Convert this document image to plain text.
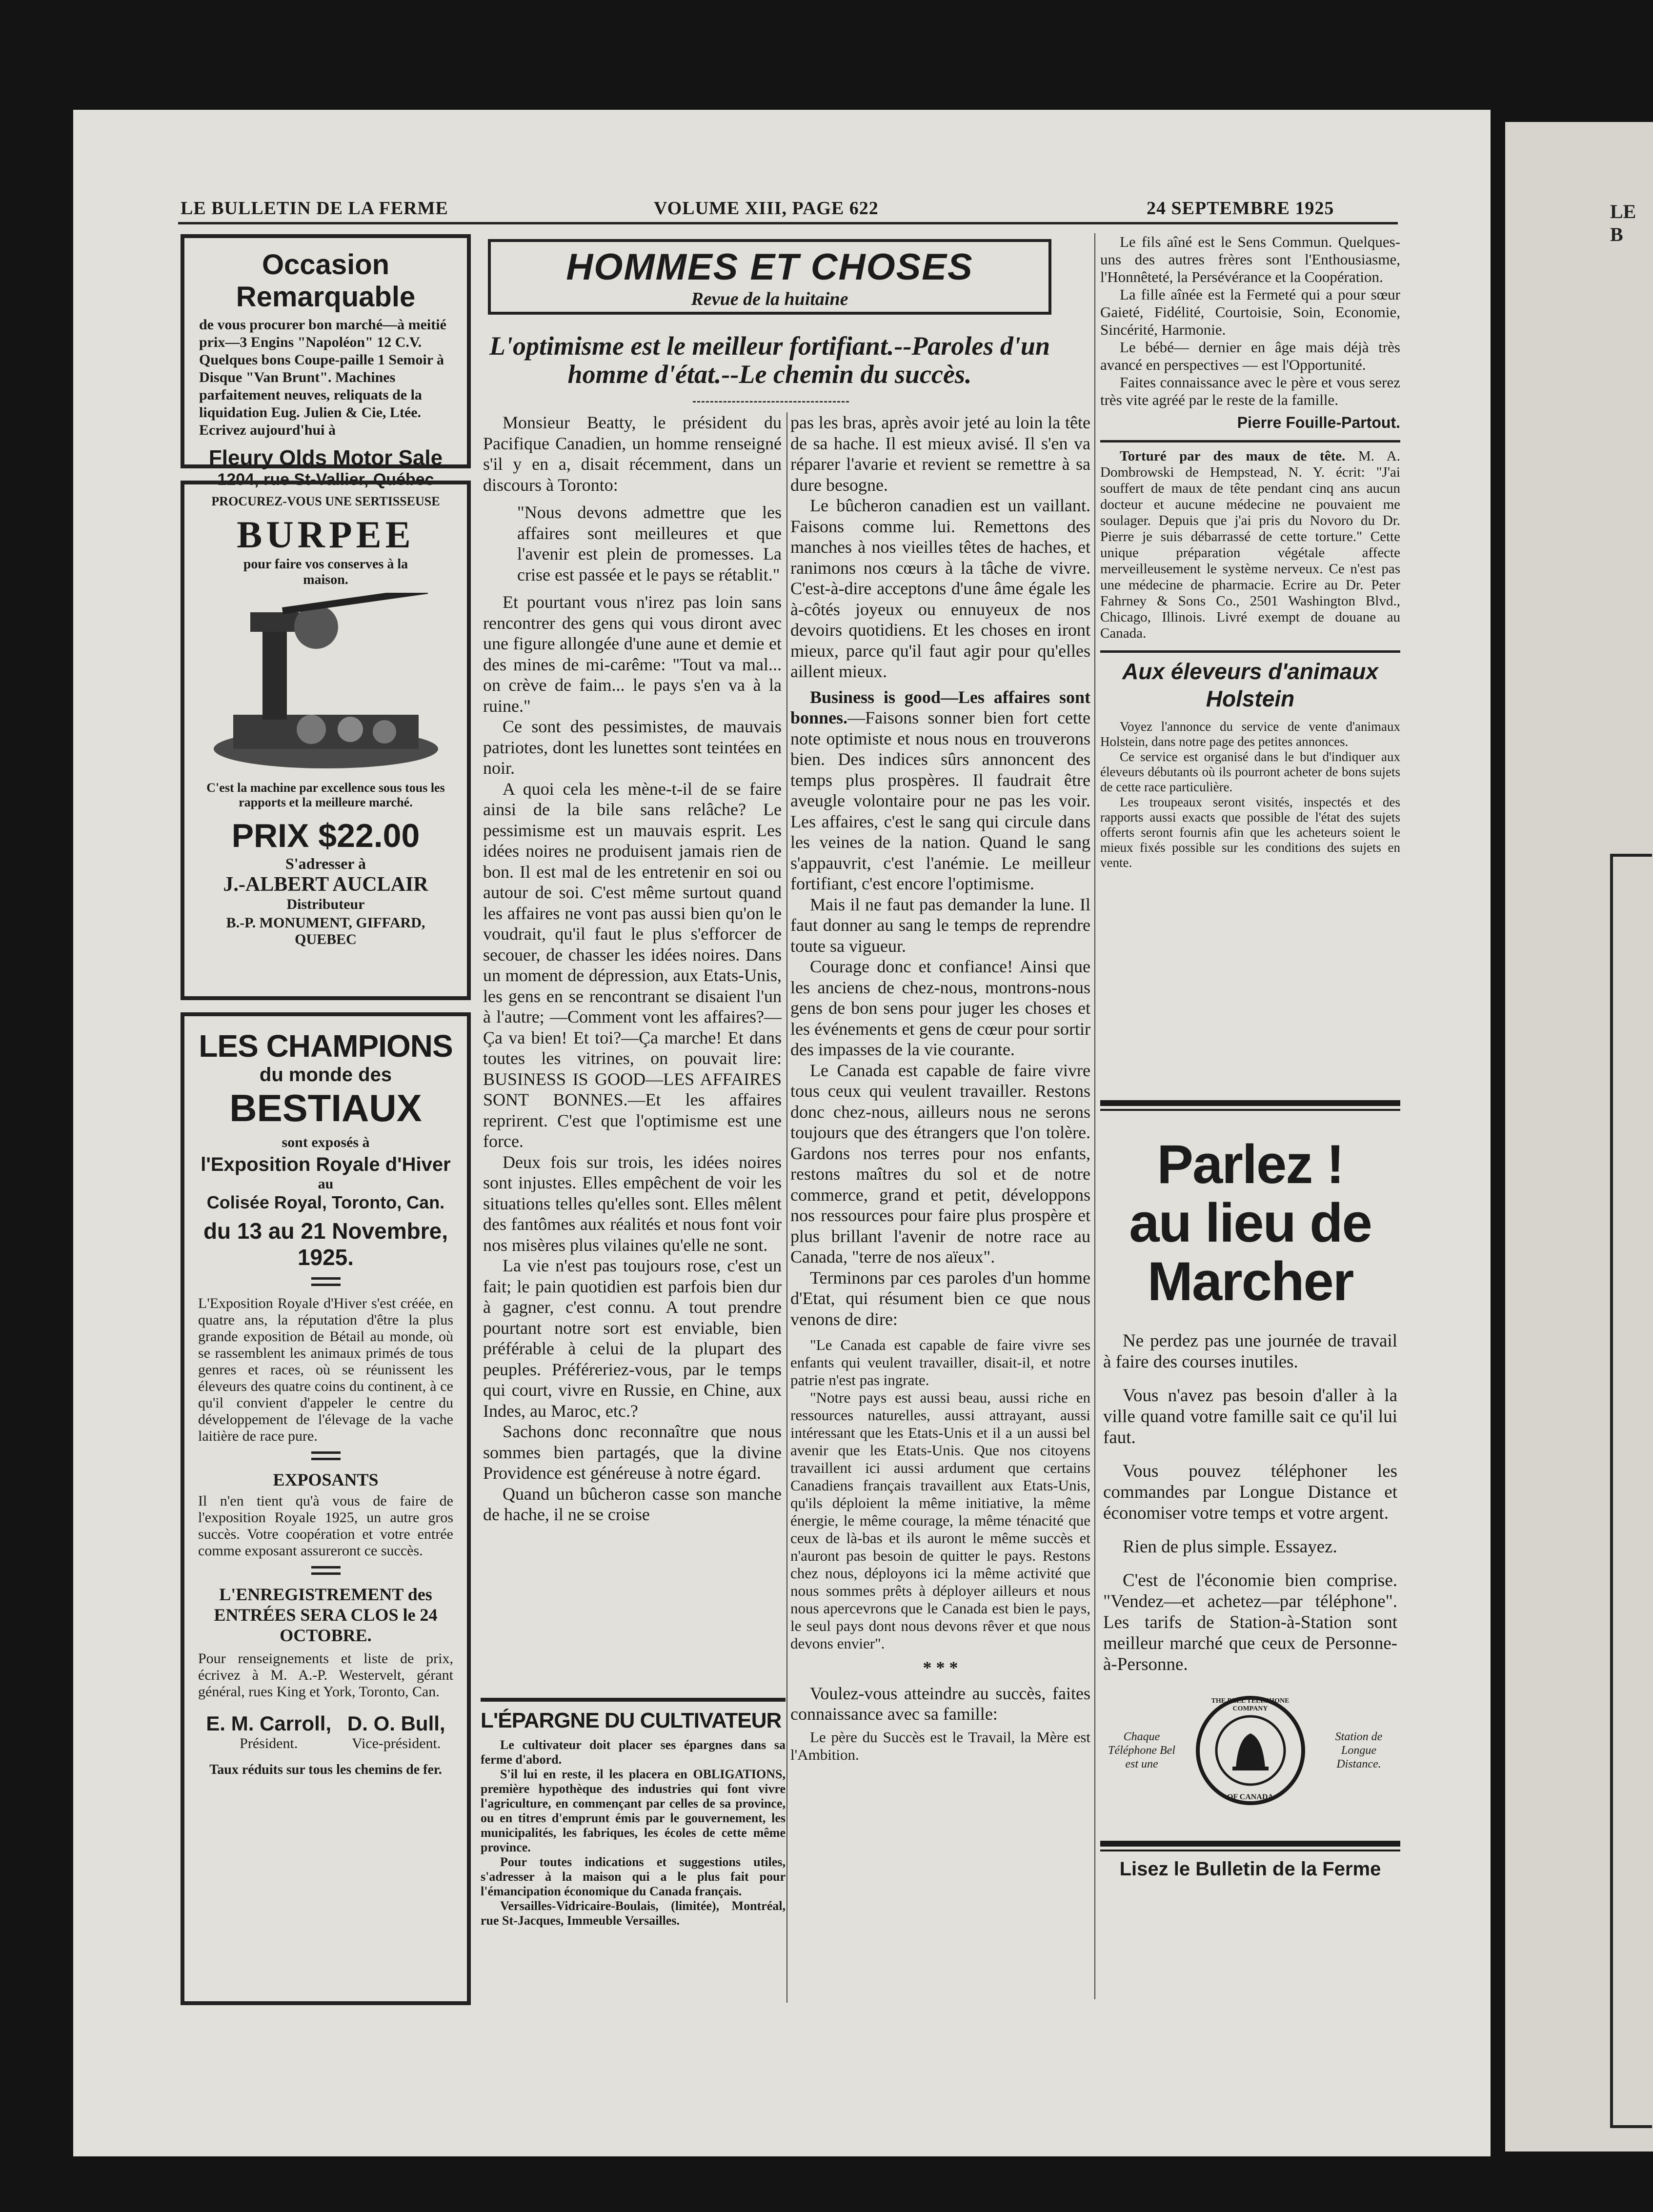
LE B
LE BULLETIN DE LA FERME	VOLUME XIII, PAGE 622	24 SEPTEMBRE 1925
Occasion Remarquable
de vous procurer bon marché—à meitié prix—3 Engins "Napoléon" 12 C.V. Quelques bons Coupe-paille 1 Semoir à Disque "Van Brunt". Machines parfaitement neuves, reliquats de la liquidation Eug. Julien & Cie, Ltée. Ecrivez aujourd'hui à
Fleury Olds Motor Sale
1204, rue St-Vallier, Québec
PROCUREZ-VOUS UNE SERTISSEUSE
BURPEE
pour faire vos conserves à la maison.
C'est la machine par excellence sous tous les rapports et la meilleure marché.
PRIX $22.00
S'adresser à
J.-ALBERT AUCLAIR
Distributeur
B.-P. MONUMENT, GIFFARD, QUEBEC
LES CHAMPIONS
du monde des
BESTIAUX
sont exposés à
l'Exposition Royale d'Hiver
au
Colisée Royal, Toronto, Can.
du 13 au 21 Novembre, 1925.
L'Exposition Royale d'Hiver s'est créée, en quatre ans, la réputation d'être la plus grande exposition de Bétail au monde, où se rassemblent les animaux primés de tous genres et races, où se réunissent les éleveurs des quatre coins du continent, à ce qu'il convient d'appeler le centre du développement de l'élevage de la vache laitière de race pure.
EXPOSANTS
Il n'en tient qu'à vous de faire de l'exposition Royale 1925, un autre gros succès. Votre coopération et votre entrée comme exposant assureront ce succès.
L'ENREGISTREMENT des ENTRÉES SERA CLOS le 24 OCTOBRE.
Pour renseignements et liste de prix, écrivez à M. A.-P. Westervelt, gérant général, rues King et York, Toronto, Can.
E. M. Carroll,
Président.
D. O. Bull,
Vice-président.
Taux réduits sur tous les chemins de fer.
HOMMES ET CHOSES
Revue de la huitaine
L'optimisme est le meilleur fortifiant.--Paroles d'un homme d'état.--Le chemin du succès.

Monsieur Beatty, le président du Pacifique Canadien, un homme renseigné s'il y en a, disait récemment, dans un discours à Toronto:

"Nous devons admettre que les affaires sont meilleures et que l'avenir est plein de promesses. La crise est passée et le pays se rétablit."

Et pourtant vous n'irez pas loin sans rencontrer des gens qui vous diront avec une figure allongée d'une aune et demie et des mines de mi-carême: "Tout va mal... on crève de faim... le pays s'en va à la ruine."

Ce sont des pessimistes, de mauvais patriotes, dont les lunettes sont teintées en noir.

A quoi cela les mène-t-il de se faire ainsi de la bile sans relâche? Le pessimisme est un mauvais esprit. Les idées noires ne produisent jamais rien de bon. Il est mal de les entretenir en soi ou autour de soi. C'est même surtout quand les affaires ne vont pas aussi bien qu'on le voudrait, qu'il faut le plus s'efforcer de secouer, de chasser les idées noires. Dans un moment de dépression, aux Etats-Unis, les gens en se rencontrant se disaient l'un à l'autre; —Comment vont les affaires?—Ça va bien! Et toi?—Ça marche! Et dans toutes les vitrines, on pouvait lire: BUSINESS IS GOOD—LES AFFAIRES SONT BONNES.—Et les affaires reprirent. C'est que l'optimisme est une force.

Deux fois sur trois, les idées noires sont injustes. Elles empêchent de voir les situations telles qu'elles sont. Elles mêlent des fantômes aux réalités et nous font voir nos misères plus vilaines qu'elle ne sont.

La vie n'est pas toujours rose, c'est un fait; le pain quotidien est parfois bien dur à gagner, c'est connu. A tout prendre pourtant notre sort est enviable, bien préférable à celui de la plupart des peuples. Préféreriez-vous, par le temps qui court, vivre en Russie, en Chine, aux Indes, au Maroc, etc.?

Sachons donc reconnaître que nous sommes bien partagés, que la divine Providence est généreuse à notre égard.

Quand un bûcheron casse son manche de hache, il ne se croise

L'ÉPARGNE DU CULTIVATEUR

Le cultivateur doit placer ses épargnes dans sa ferme d'abord.

S'il lui en reste, il les placera en OBLIGATIONS, première hypothèque des industries qui font vivre l'agriculture, en commençant par celles de sa province, ou en titres d'emprunt émis par le gouvernement, les municipalités, les fabriques, les écoles de cette même province.

Pour toutes indications et suggestions utiles, s'adresser à la maison qui a le plus fait pour l'émancipation économique du Canada français.

Versailles-Vidricaire-Boulais, (limitée), Montréal, rue St-Jacques, Immeuble Versailles.

pas les bras, après avoir jeté au loin la tête de sa hache. Il est mieux avisé. Il s'en va réparer l'avarie et revient se remettre à sa dure besogne.

Le bûcheron canadien est un vaillant. Faisons comme lui. Remettons des manches à nos vieilles têtes de haches, et ranimons nos cœurs à la tâche de vivre. C'est-à-dire acceptons d'une âme égale les à-côtés joyeux ou ennuyeux de nos devoirs quotidiens. Et les choses en iront mieux, parce qu'il faut agir pour qu'elles aillent mieux.

Business is good—Les affaires sont bonnes.—Faisons sonner bien fort cette note optimiste et nous nous en trouverons bien. Des indices sûrs annoncent des temps plus prospères. Il faudrait être aveugle volontaire pour ne pas les voir. Les affaires, c'est le sang qui circule dans les veines de la nation. Quand le sang s'appauvrit, c'est l'anémie. Le meilleur fortifiant, c'est encore l'optimisme.

Mais il ne faut pas demander la lune. Il faut donner au sang le temps de reprendre toute sa vigueur.

Courage donc et confiance! Ainsi que les anciens de chez-nous, montrons-nous gens de bon sens pour juger les choses et les événements et gens de cœur pour sortir des impasses de la vie courante.

Le Canada est capable de faire vivre tous ceux qui veulent travailler. Restons donc chez-nous, ailleurs nous ne serons toujours que des étrangers que l'on tolère. Gardons nos terres pour nos enfants, restons maîtres du sol et de notre commerce, grand et petit, développons nos ressources pour faire plus prospère et plus brillant l'avenir de notre race au Canada, "terre de nos aïeux".

Terminons par ces paroles d'un homme d'Etat, qui résument bien ce que nous venons de dire:

"Le Canada est capable de faire vivre ses enfants qui veulent travailler, disait-il, et notre patrie n'est pas ingrate.

"Notre pays est aussi beau, aussi riche en ressources naturelles, aussi attrayant, aussi intéressant que les Etats-Unis et il a un aussi bel avenir que les Etats-Unis. Que nos citoyens travaillent ici aussi ardument que certains Canadiens français travaillent aux Etats-Unis, qu'ils déploient la même initiative, la même énergie, le même courage, la même ténacité que ceux de là-bas et ils auront le même succès et n'auront pas besoin de quitter le pays. Restons chez nous, déployons ici la même activité que nous sommes prêts à déployer ailleurs et nous nous apercevrons que le Canada est bien le pays, le seul pays dont nous devons rêver et que nous devons envier".

* * *

Voulez-vous atteindre au succès, faites connaissance avec sa famille:

Le père du Succès est le Travail, la Mère est l'Ambition.

Le fils aîné est le Sens Commun. Quelques-uns des autres frères sont l'Enthousiasme, l'Honnêteté, la Persévérance et la Coopération.

La fille aînée est la Fermeté qui a pour sœur Gaieté, Fidélité, Courtoisie, Soin, Economie, Sincérité, Harmonie.

Le bébé— dernier en âge mais déjà très avancé en perspectives — est l'Opportunité.

Faites connaissance avec le père et vous serez très vite agréé par le reste de la famille.

Pierre Fouille-Partout.

Torturé par des maux de tête. M. A. Dombrowski de Hempstead, N. Y. écrit: "J'ai souffert de maux de tête pendant cinq ans aucun docteur et aucune médecine ne pouvaient me soulager. Depuis que j'ai pris du Novoro du Dr. Pierre je suis débarrassé de cette torture." Cette unique préparation végétale affecte merveilleusement le système nerveux. Ce n'est pas une médecine de pharmacie. Ecrire au Dr. Peter Fahrney & Sons Co., 2501 Washington Blvd., Chicago, Illinois. Livré exempt de douane au Canada.
Aux éleveurs d'animaux Holstein

Voyez l'annonce du service de vente d'animaux Holstein, dans notre page des petites annonces.

Ce service est organisé dans le but d'indiquer aux éleveurs débutants où ils pourront acheter de bons sujets de cette race particulière.

Les troupeaux seront visités, inspectés et des rapports aussi exacts que possible de l'état des sujets offerts seront fournis afin que les acheteurs soient le mieux fixés possible sur les conditions des sujets en vente.

Parlez !
au lieu de
Marcher

Ne perdez pas une journée de travail à faire des courses inutiles.

Vous n'avez pas besoin d'aller à la ville quand votre famille sait ce qu'il lui faut.

Vous pouvez téléphoner les commandes par Longue Distance et économiser votre temps et votre argent.

Rien de plus simple. Essayez.

C'est de l'économie bien comprise. "Vendez—et achetez—par téléphone". Les tarifs de Station-à-Station sont meilleur marché que ceux de Personne-à-Personne.

Chaque Téléphone Bel est une
THE BELL TELEPHONE COMPANY
OF CANADA
Station de Longue Distance.
Lisez le Bulletin de la Ferme
